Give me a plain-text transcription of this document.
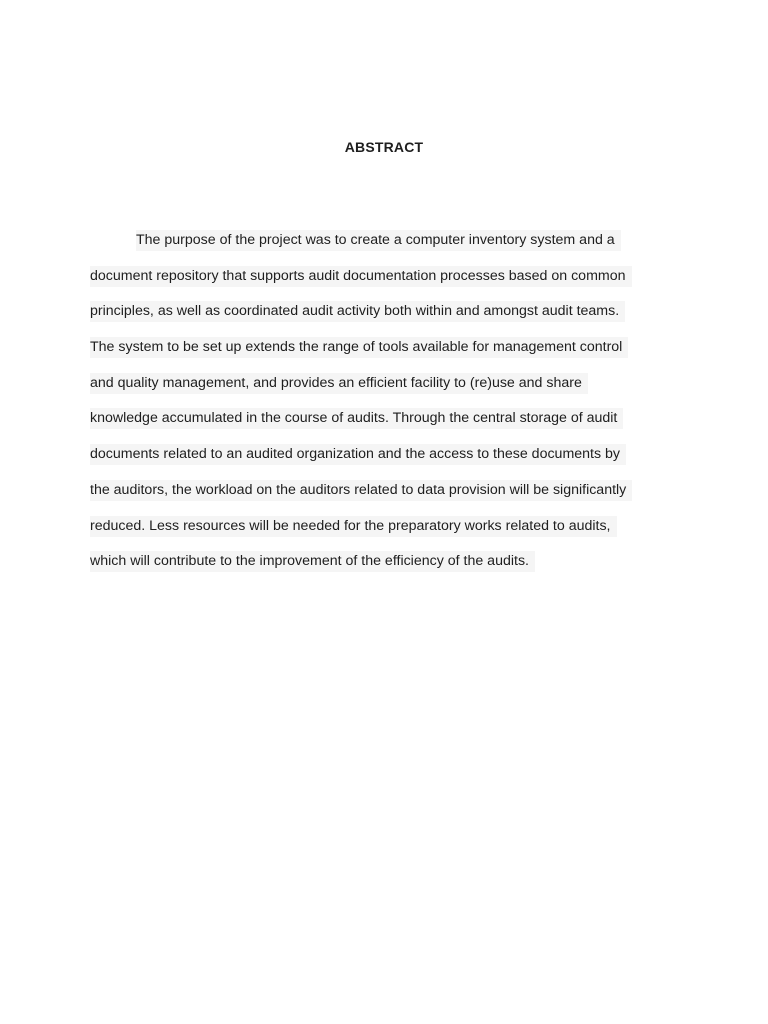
ABSTRACT
The purpose of the project was to create a computer inventory system and a
document repository that supports audit documentation processes based on common
principles, as well as coordinated audit activity both within and amongst audit teams.
The system to be set up extends the range of tools available for management control
and quality management, and provides an efficient facility to (re)use and share
knowledge accumulated in the course of audits. Through the central storage of audit
documents related to an audited organization and the access to these documents by
the auditors, the workload on the auditors related to data provision will be significantly
reduced. Less resources will be needed for the preparatory works related to audits,
which will contribute to the improvement of the efficiency of the audits.
